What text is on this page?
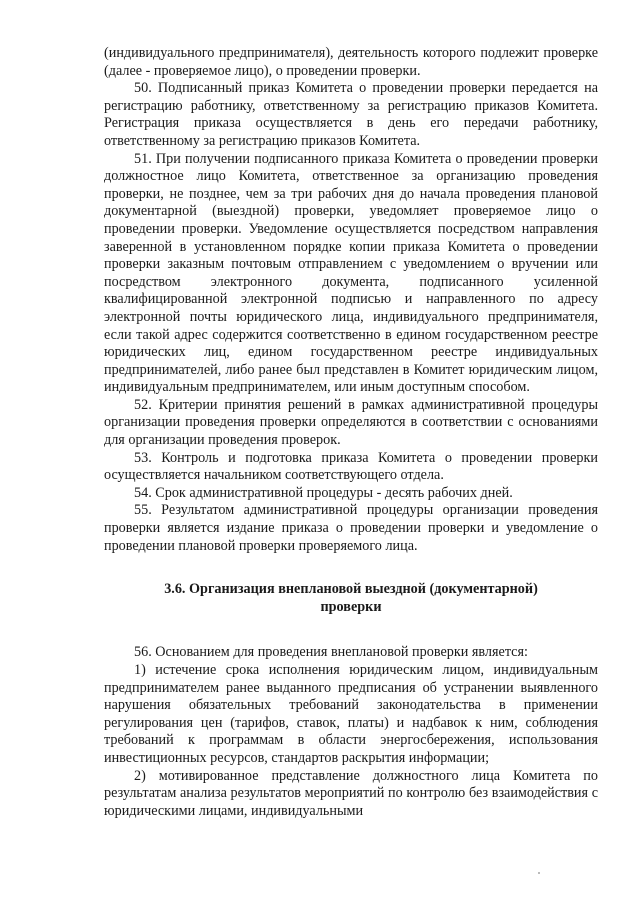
(индивидуального предпринимателя), деятельность которого подлежит проверке (далее - проверяемое лицо), о проведении проверки.

50. Подписанный приказ Комитета о проведении проверки передается на регистрацию работнику, ответственному за регистрацию приказов Комитета. Регистрация приказа осуществляется в день его передачи работнику, ответственному за регистрацию приказов Комитета.

51. При получении подписанного приказа Комитета о проведении проверки должностное лицо Комитета, ответственное за организацию проведения проверки, не позднее, чем за три рабочих дня до начала проведения плановой документарной (выездной) проверки, уведомляет проверяемое лицо о проведении проверки. Уведомление осуществляется посредством направления заверенной в установленном порядке копии приказа Комитета о проведении проверки заказным почтовым отправлением с уведомлением о вручении или посредством электронного документа, подписанного усиленной квалифицированной электронной подписью и направленного по адресу электронной почты юридического лица, индивидуального предпринимателя, если такой адрес содержится соответственно в едином государственном реестре юридических лиц, едином государственном реестре индивидуальных предпринимателей, либо ранее был представлен в Комитет юридическим лицом, индивидуальным предпринимателем, или иным доступным способом.

52. Критерии принятия решений в рамках административной процедуры организации проведения проверки определяются в соответствии с основаниями для организации проведения проверок.

53. Контроль и подготовка приказа Комитета о проведении проверки осуществляется начальником соответствующего отдела.

54. Срок административной процедуры - десять рабочих дней.

55. Результатом административной процедуры организации проведения проверки является издание приказа о проведении проверки и уведомление о проведении плановой проверки проверяемого лица.

3.6. Организация внеплановой выездной (документарной) проверки

56. Основанием для проведения внеплановой проверки является:

1) истечение срока исполнения юридическим лицом, индивидуальным предпринимателем ранее выданного предписания об устранении выявленного нарушения обязательных требований законодательства в применении регулирования цен (тарифов, ставок, платы) и надбавок к ним, соблюдения требований к программам в области энергосбережения, использования инвестиционных ресурсов, стандартов раскрытия информации;

2) мотивированное представление должностного лица Комитета по результатам анализа результатов мероприятий по контролю без взаимодействия с юридическими лицами, индивидуальными
